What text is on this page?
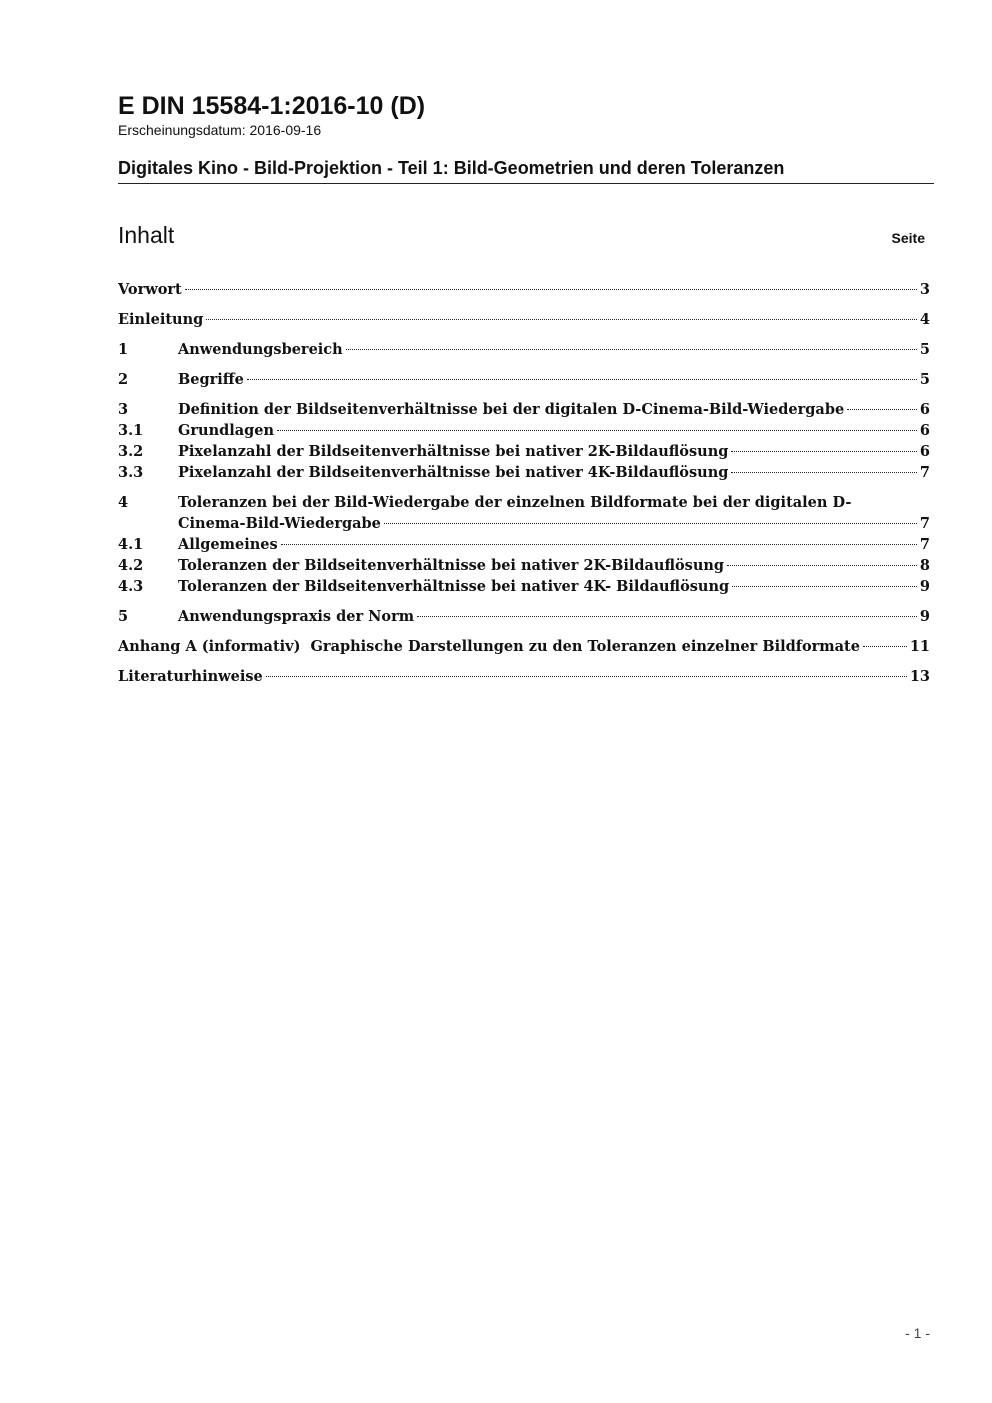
E DIN 15584-1:2016-10 (D)
Erscheinungsdatum: 2016-09-16
Digitales Kino - Bild-Projektion - Teil 1: Bild-Geometrien und deren Toleranzen
Inhalt	Seite
Vorwort	3
Einleitung	4
1	Anwendungsbereich	5
2	Begriffe	5
3	Definition der Bildseitenverhältnisse bei der digitalen D-Cinema-Bild-Wiedergabe	6
3.1	Grundlagen	6
3.2	Pixelanzahl der Bildseitenverhältnisse bei nativer 2K-Bildauflösung	6
3.3	Pixelanzahl der Bildseitenverhältnisse bei nativer 4K-Bildauflösung	7
4	Toleranzen bei der Bild-Wiedergabe der einzelnen Bildformate bei der digitalen D-
Cinema-Bild-Wiedergabe	7
4.1	Allgemeines	7
4.2	Toleranzen der Bildseitenverhältnisse bei nativer 2K-Bildauflösung	8
4.3	Toleranzen der Bildseitenverhältnisse bei nativer 4K- Bildauflösung	9
5	Anwendungspraxis der Norm	9
Anhang A (informativ)  Graphische Darstellungen zu den Toleranzen einzelner Bildformate	11
Literaturhinweise	13
- 1 -
